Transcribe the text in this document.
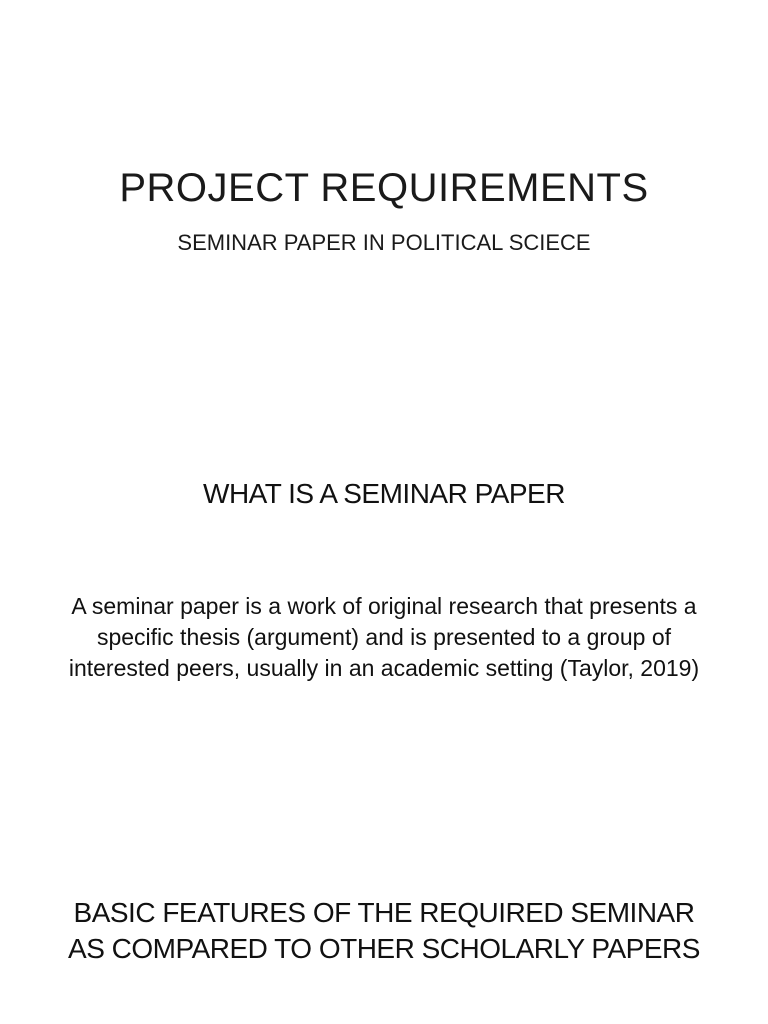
PROJECT REQUIREMENTS
SEMINAR PAPER IN POLITICAL SCIECE
WHAT IS A SEMINAR PAPER
A seminar paper is a work of original research that presents a specific thesis (argument) and is presented to a group of interested peers, usually in an academic setting (Taylor, 2019)
BASIC FEATURES OF THE REQUIRED SEMINAR
AS COMPARED TO OTHER SCHOLARLY PAPERS
